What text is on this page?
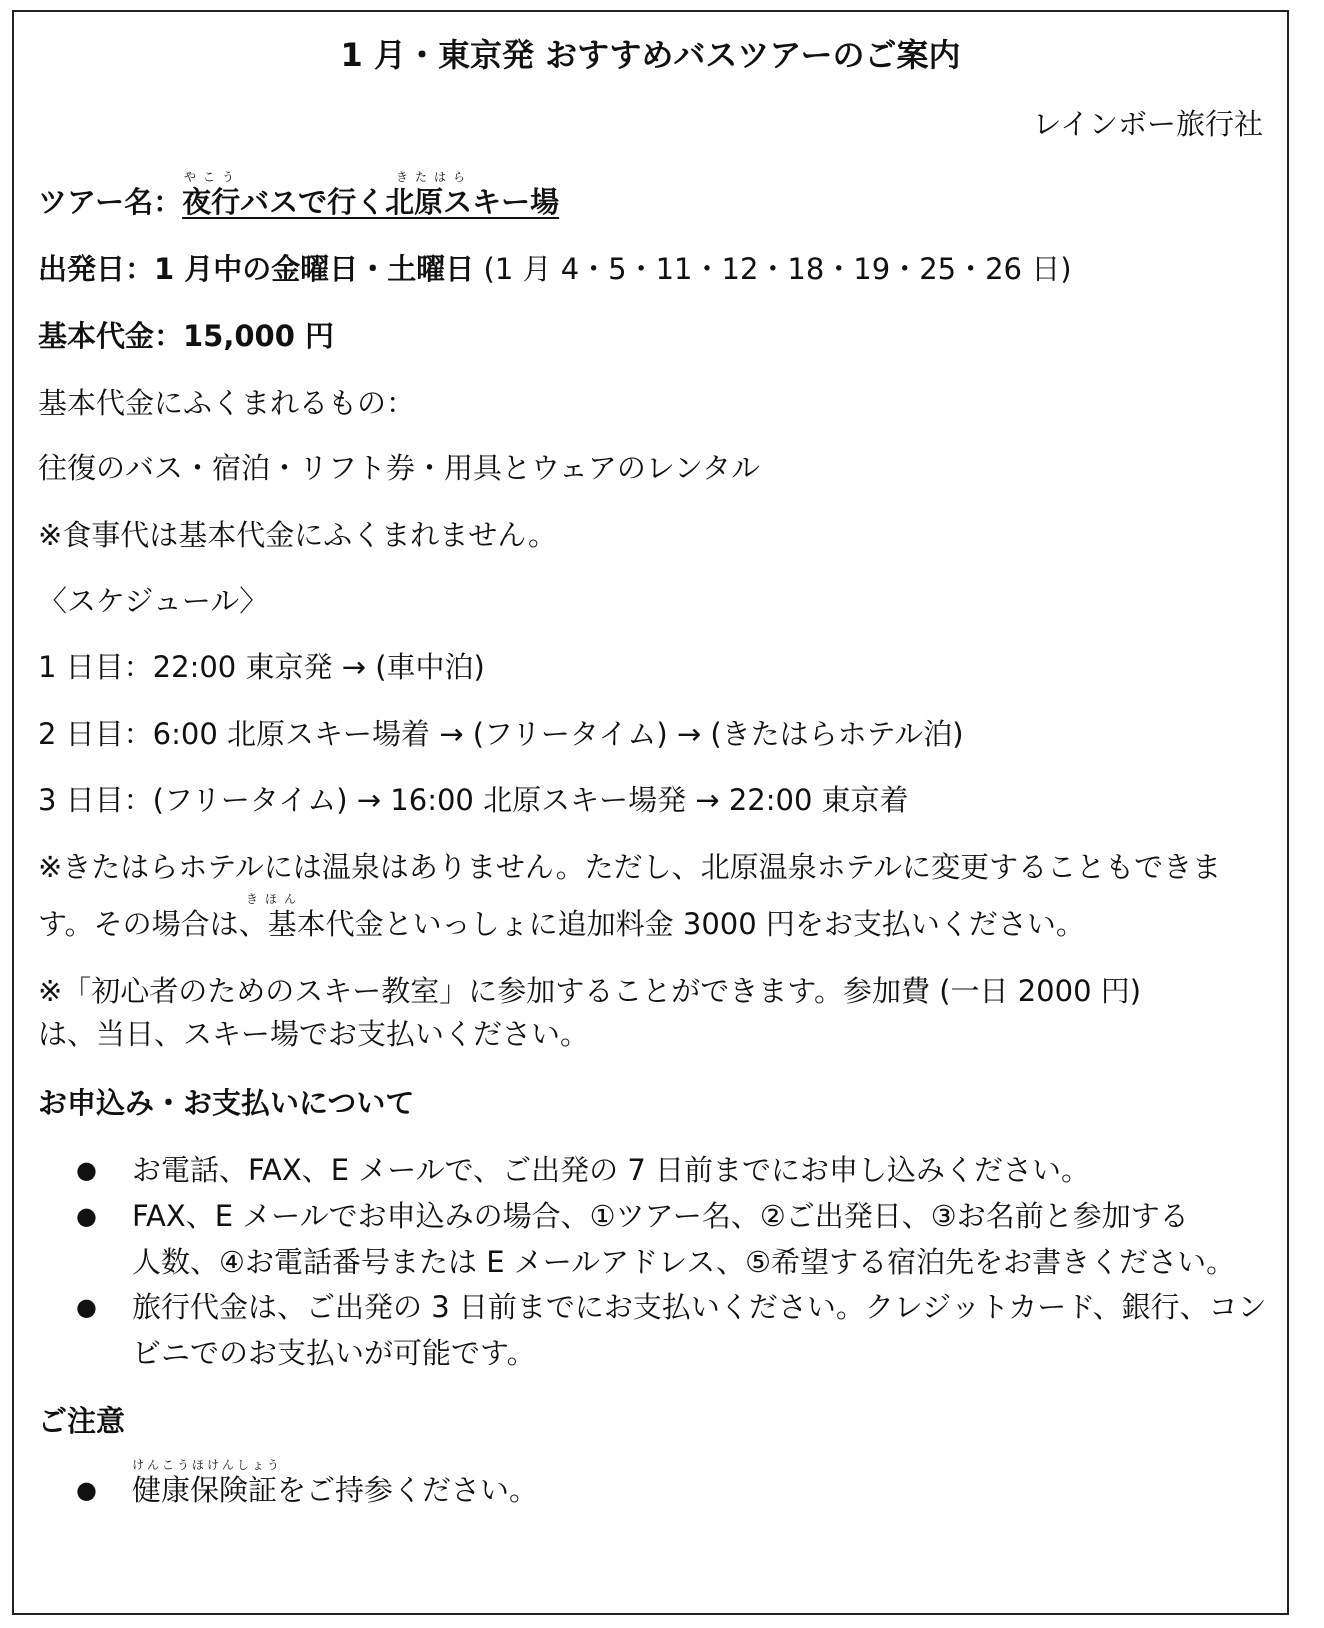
1 月・東京発 おすすめバスツアーのご案内
レインボー旅行社
やこう	きたはら
ツアー名：夜行バスで行く北原スキー場
出発日：1 月中の金曜日・土曜日 (1 月 4・5・11・12・18・19・25・26 日)
基本代金：15,000 円
基本代金にふくまれるもの：
往復のバス・宿泊・リフト券・用具とウェアのレンタル
※食事代は基本代金にふくまれません。
〈スケジュール〉
1 日目：22:00 東京発 → (車中泊)
2 日目：6:00 北原スキー場着 → (フリータイム) → (きたはらホテル泊)
3 日目：(フリータイム) → 16:00 北原スキー場発 → 22:00 東京着
※きたはらホテルには温泉はありません。ただし、北原温泉ホテルに変更することもできま
きほん
す。その場合は、基本代金といっしょに追加料金 3000 円をお支払いください。
※「初心者のためのスキー教室」に参加することができます。参加費 (一日 2000 円)
は、当日、スキー場でお支払いください。
お申込み・お支払いについて
● お電話、FAX、E メールで、ご出発の 7 日前までにお申し込みください。
● FAX、E メールでお申込みの場合、①ツアー名、②ご出発日、③お名前と参加する
人数、④お電話番号または E メールアドレス、⑤希望する宿泊先をお書きください。
● 旅行代金は、ご出発の 3 日前までにお支払いください。クレジットカード、銀行、コン
ビニでのお支払いが可能です。
ご注意
けんこうほけんしょう
● 健康保険証をご持参ください。
